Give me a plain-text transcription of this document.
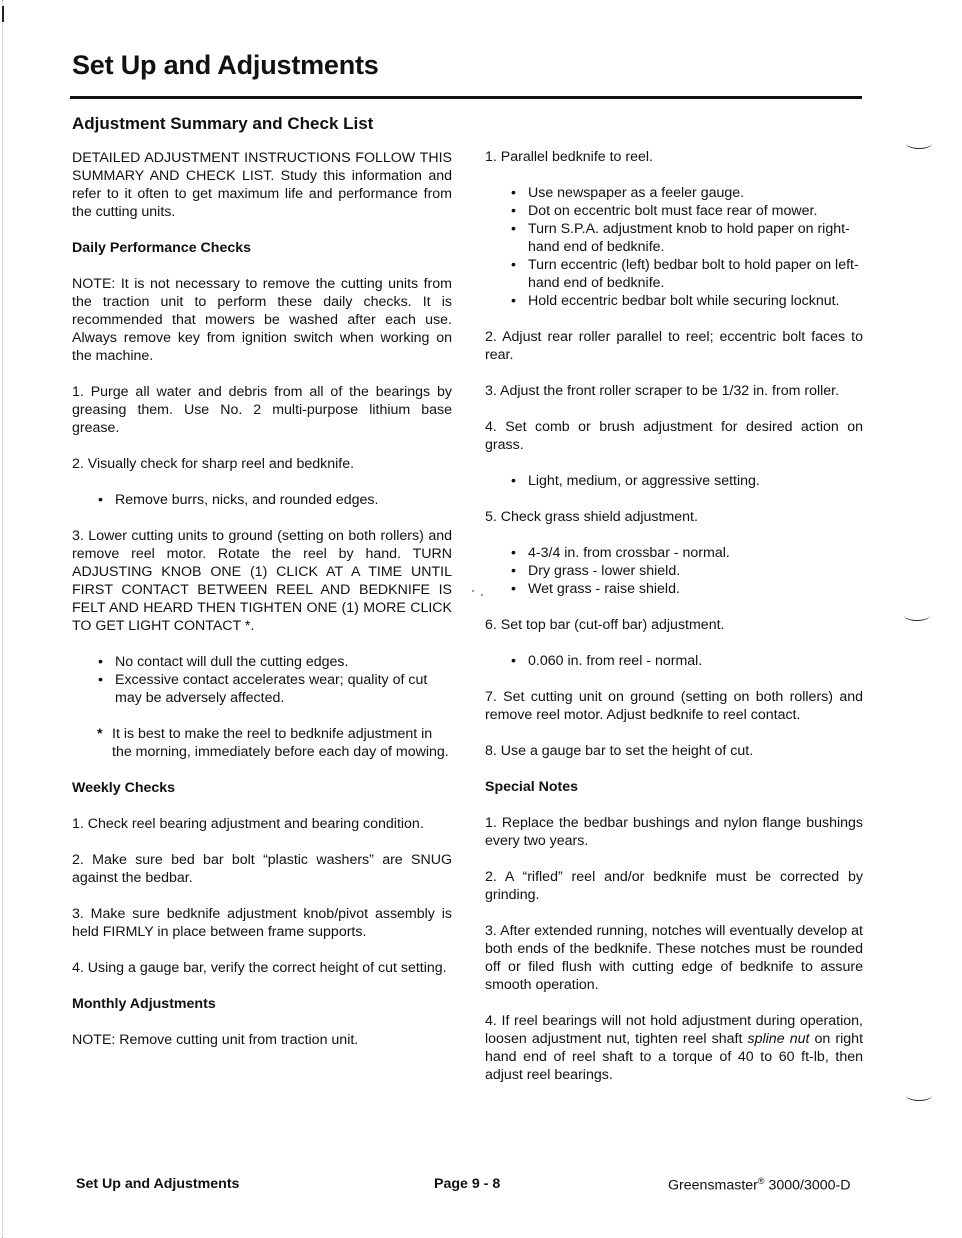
Set Up and Adjustments
Adjustment Summary and Check List

DETAILED ADJUSTMENT INSTRUCTIONS FOLLOW THIS SUMMARY AND CHECK LIST. Study this information and refer to it often to get maximum life and performance from the cutting units.

Daily Performance Checks

NOTE: It is not necessary to remove the cutting units from the traction unit to perform these daily checks. It is recommended that mowers be washed after each use. Always remove key from ignition switch when working on the machine.

1. Purge all water and debris from all of the bearings by greasing them. Use No. 2 multi-purpose lithium base grease.

2. Visually check for sharp reel and bedknife.

• Remove burrs, nicks, and rounded edges.

3. Lower cutting units to ground (setting on both rollers) and remove reel motor. Rotate the reel by hand. TURN ADJUSTING KNOB ONE (1) CLICK AT A TIME UNTIL FIRST CONTACT BETWEEN REEL AND BEDKNIFE IS FELT AND HEARD THEN TIGHTEN ONE (1) MORE CLICK TO GET LIGHT CONTACT *.

• No contact will dull the cutting edges.
• Excessive contact accelerates wear; quality of cut may be adversely affected.
* It is best to make the reel to bedknife adjustment in the morning, immediately before each day of mowing.
Weekly Checks

1. Check reel bearing adjustment and bearing condition.

2. Make sure bed bar bolt “plastic washers” are SNUG against the bedbar.

3. Make sure bedknife adjustment knob/pivot assembly is held FIRMLY in place between frame supports.

4. Using a gauge bar, verify the correct height of cut setting.

Monthly Adjustments

NOTE: Remove cutting unit from traction unit.

1. Parallel bedknife to reel.

• Use newspaper as a feeler gauge.
• Dot on eccentric bolt must face rear of mower.
• Turn S.P.A. adjustment knob to hold paper on right-hand end of bedknife.
• Turn eccentric (left) bedbar bolt to hold paper on left-hand end of bedknife.
• Hold eccentric bedbar bolt while securing locknut.

2. Adjust rear roller parallel to reel; eccentric bolt faces to rear.

3. Adjust the front roller scraper to be 1/32 in. from roller.

4. Set comb or brush adjustment for desired action on grass.

• Light, medium, or aggressive setting.

5. Check grass shield adjustment.

• 4-3/4 in. from crossbar - normal.
• Dry grass - lower shield.
• Wet grass - raise shield.

6. Set top bar (cut-off bar) adjustment.

• 0.060 in. from reel - normal.

7. Set cutting unit on ground (setting on both rollers) and remove reel motor. Adjust bedknife to reel contact.

8. Use a gauge bar to set the height of cut.

Special Notes

1. Replace the bedbar bushings and nylon flange bushings every two years.

2. A “rifled” reel and/or bedknife must be corrected by grinding.

3. After extended running, notches will eventually develop at both ends of the bedknife. These notches must be rounded off or filed flush with cutting edge of bedknife to assure smooth operation.

4. If reel bearings will not hold adjustment during operation, loosen adjustment nut, tighten reel shaft spline nut on right hand end of reel shaft to a torque of 40 to 60 ft-lb, then adjust reel bearings.

Set Up and Adjustments	Page 9 - 8	Greensmaster® 3000/3000-D
